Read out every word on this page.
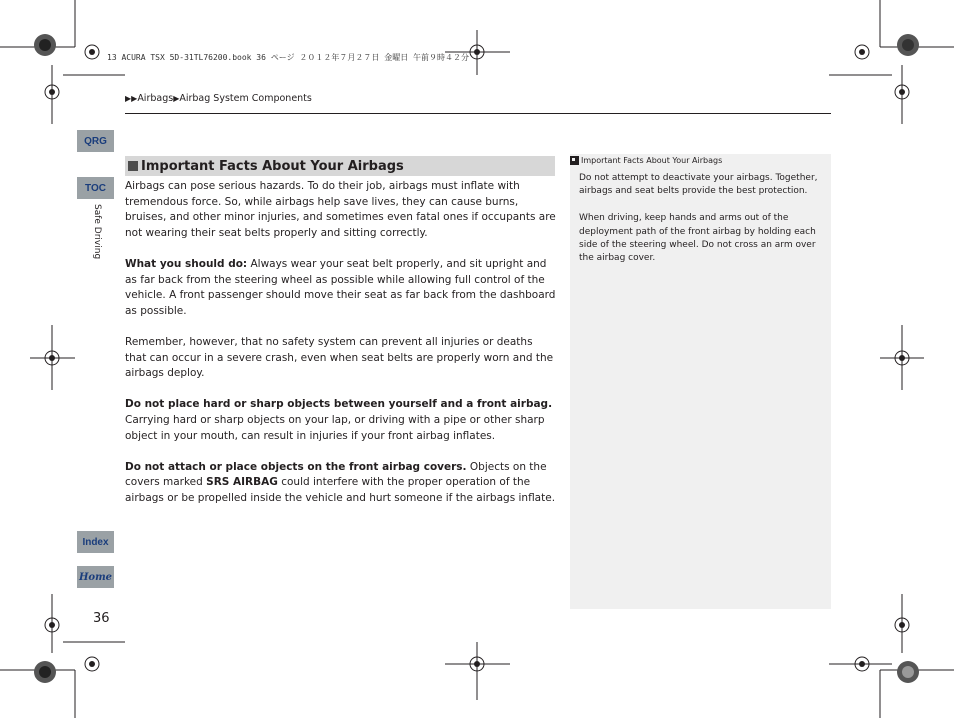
13 ACURA TSX 5D-31TL76200.book 36 ページ ２０１２年７月２７日 金曜日 午前９時４２分
▶▶Airbags▶Airbag System Components
QRG
TOC
Safe Driving
Index
Home
36
Important Facts About Your Airbags

Airbags can pose serious hazards. To do their job, airbags must inflate with tremendous force. So, while airbags help save lives, they can cause burns, bruises, and other minor injuries, and sometimes even fatal ones if occupants are not wearing their seat belts properly and sitting correctly.

What you should do: Always wear your seat belt properly, and sit upright and as far back from the steering wheel as possible while allowing full control of the vehicle. A front passenger should move their seat as far back from the dashboard as possible.

Remember, however, that no safety system can prevent all injuries or deaths that can occur in a severe crash, even when seat belts are properly worn and the airbags deploy.

Do not place hard or sharp objects between yourself and a front airbag.
Carrying hard or sharp objects on your lap, or driving with a pipe or other sharp object in your mouth, can result in injuries if your front airbag inflates.

Do not attach or place objects on the front airbag covers. Objects on the covers marked SRS AIRBAG could interfere with the proper operation of the airbags or be propelled inside the vehicle and hurt someone if the airbags inflate.

Important Facts About Your Airbags

Do not attempt to deactivate your airbags. Together, airbags and seat belts provide the best protection.

When driving, keep hands and arms out of the deployment path of the front airbag by holding each side of the steering wheel. Do not cross an arm over the airbag cover.
